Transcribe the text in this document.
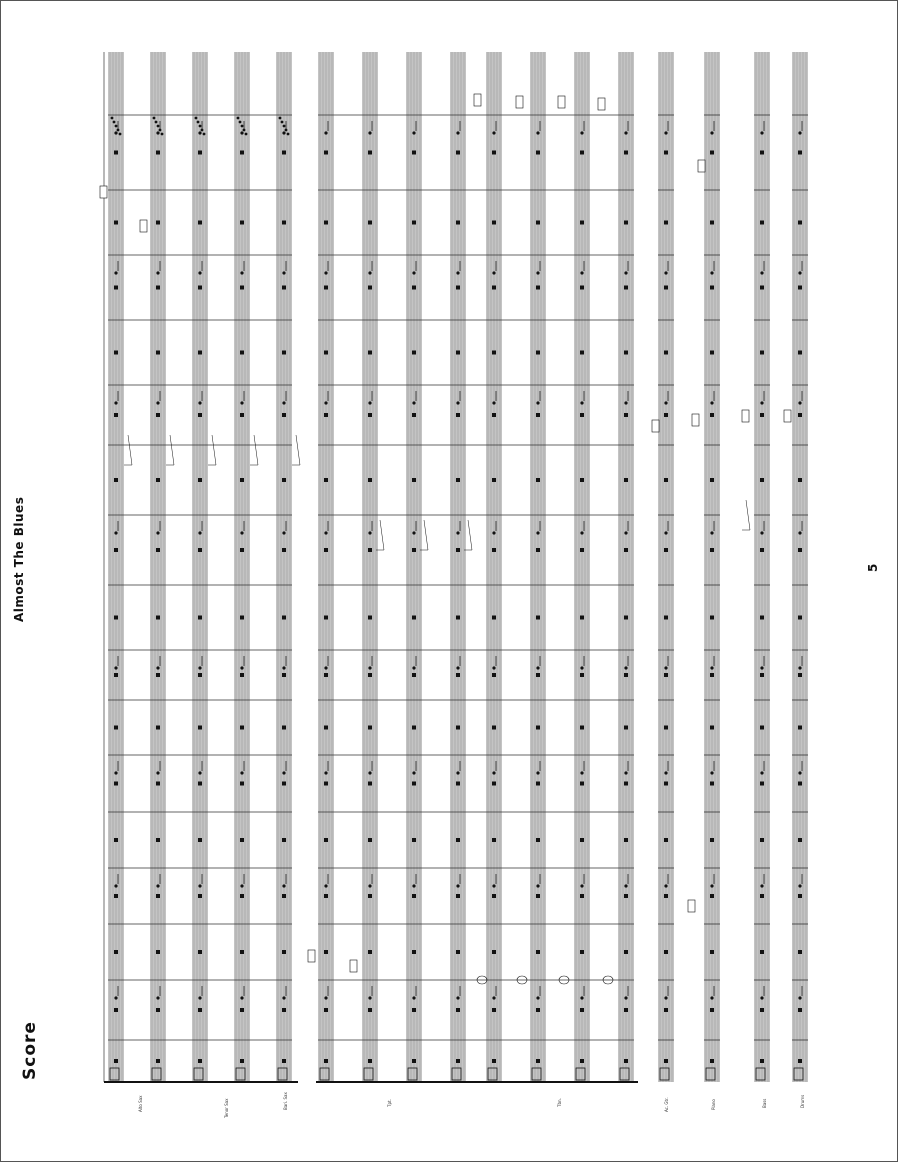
Score
Almost The Blues	5
Alto Sax	Tenor Sax	Bari. Sax	Tpt.	Tbn.	Ac. Gtr.	Piano	Bass	Drums
